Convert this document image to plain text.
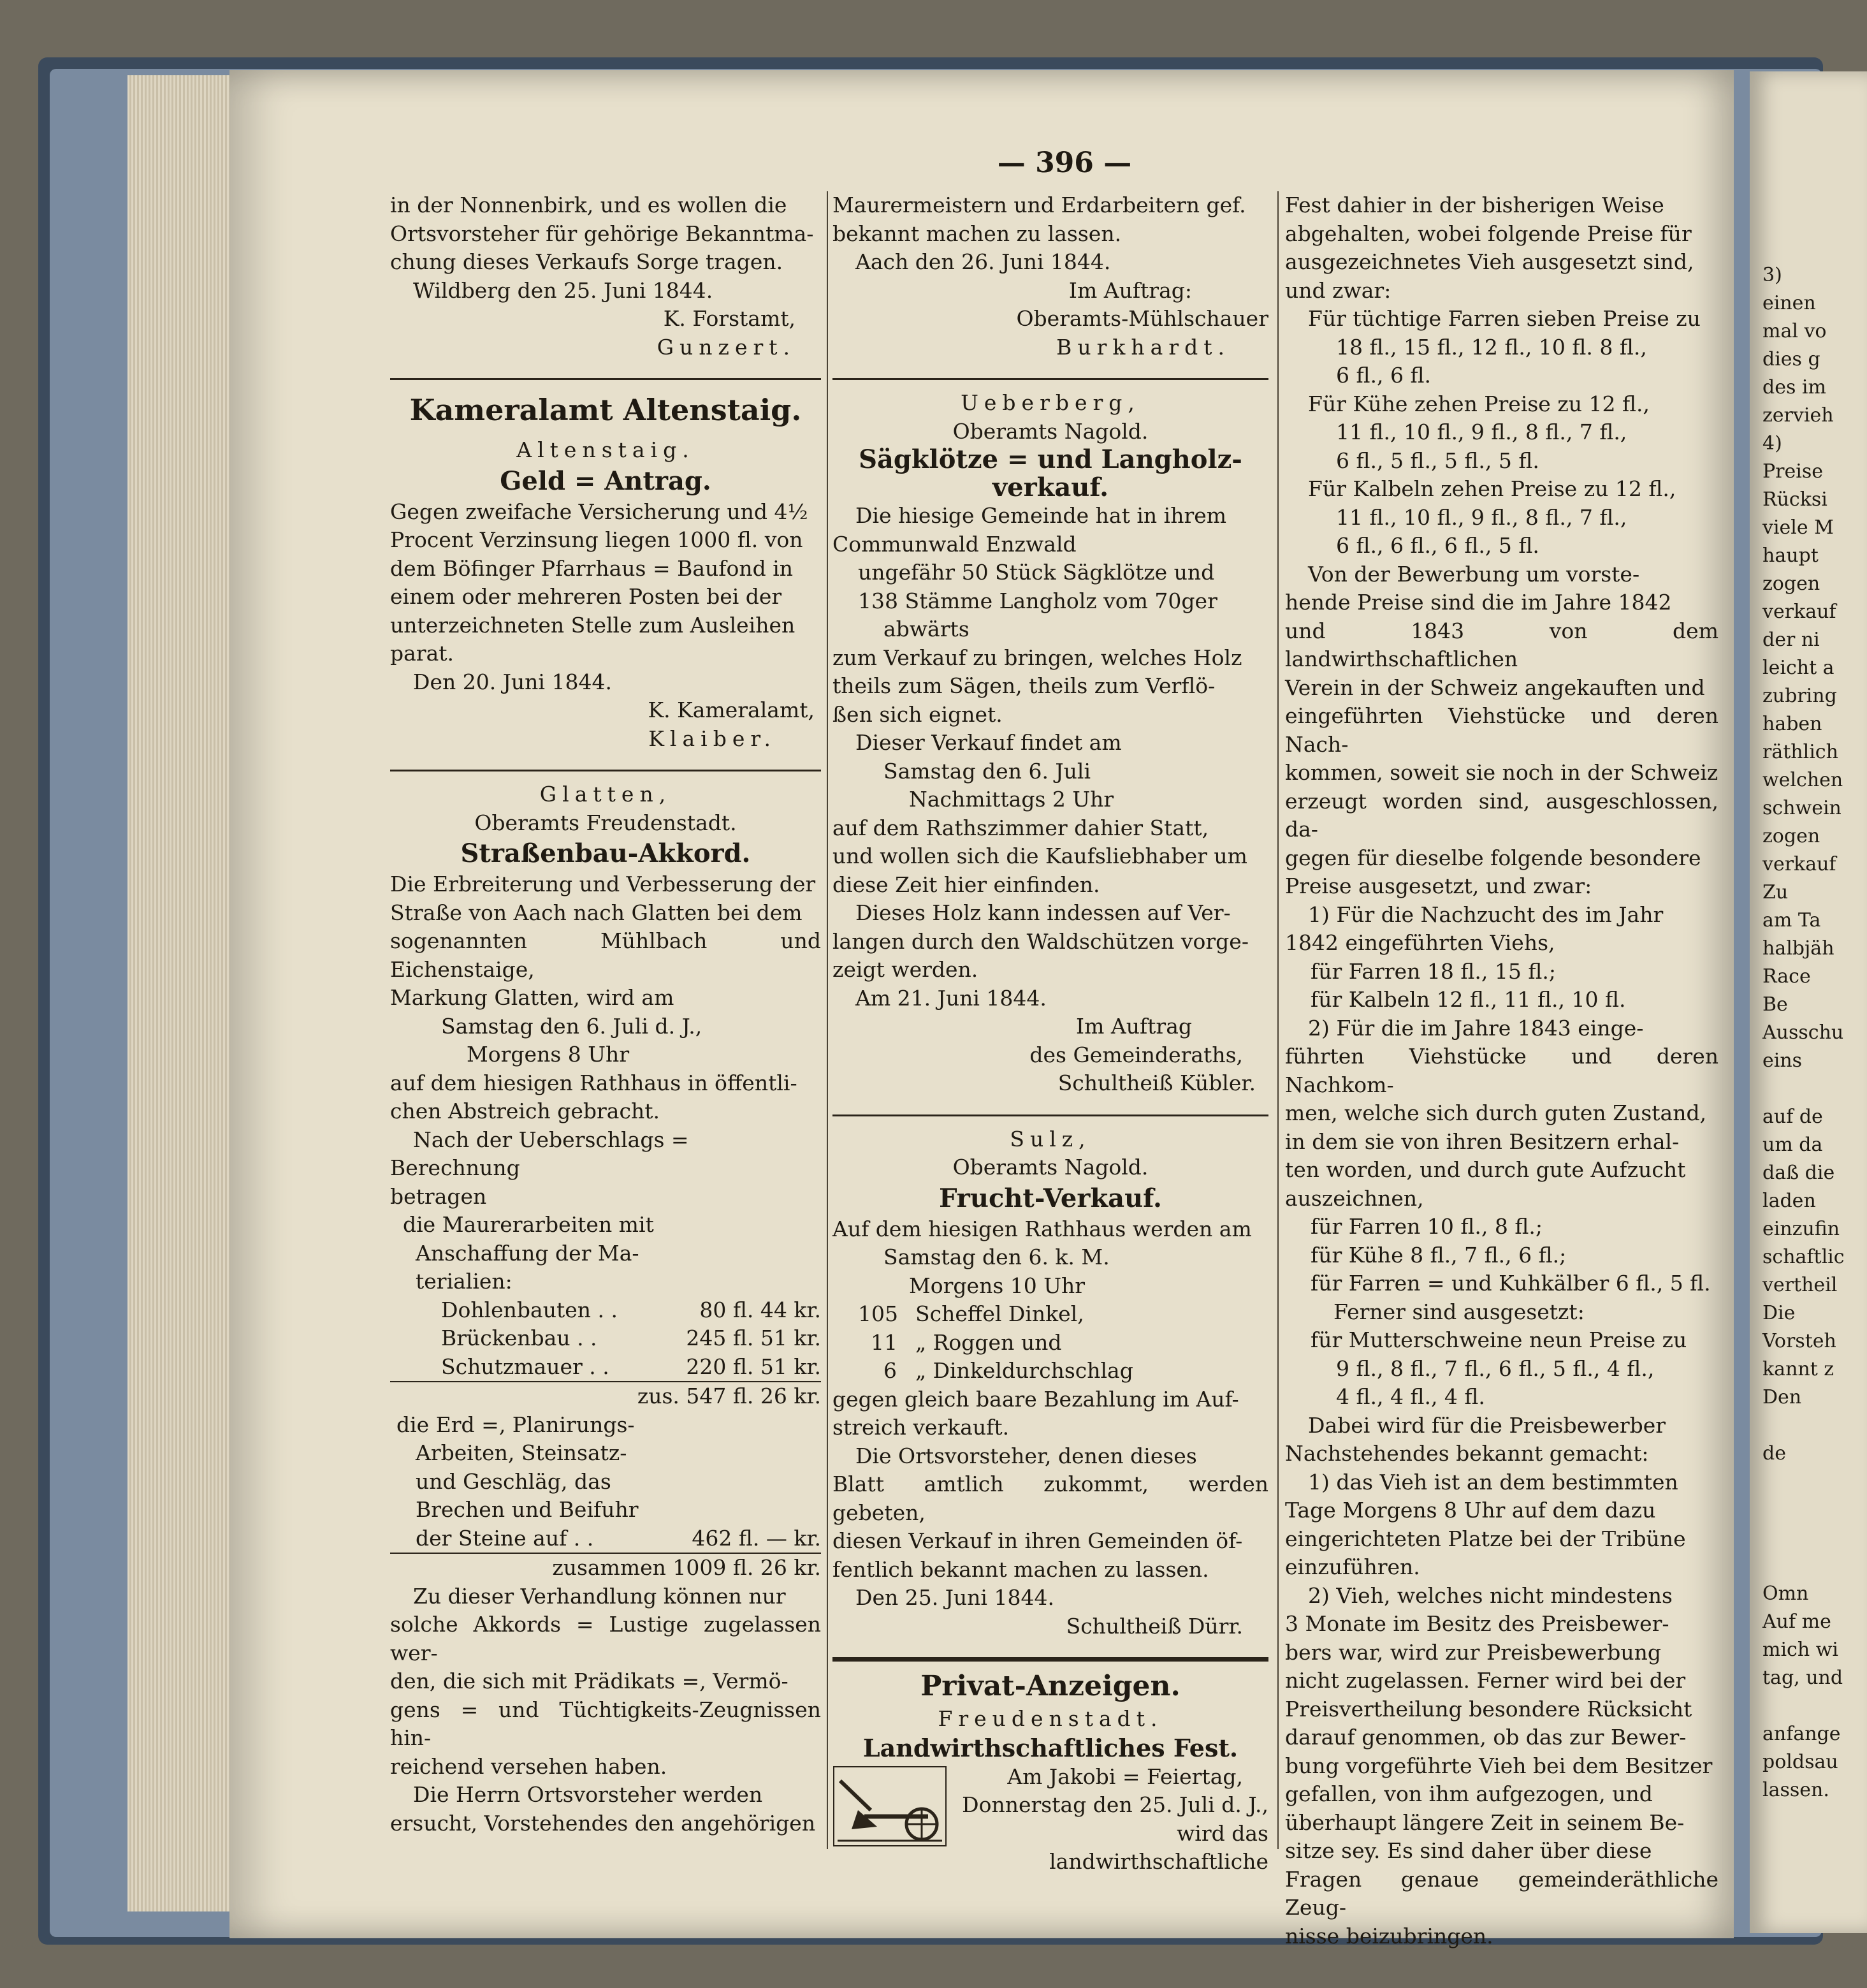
— 396 —

in der Nonnenbirk, und es wollen die

Ortsvorsteher für gehörige Bekanntma-

chung dieses Verkaufs Sorge tragen.

Wildberg den 25. Juni 1844.

K. Forstamt,

Gunzert.

Kameralamt Altenstaig.

Altenstaig.

Geld = Antrag.

Gegen zweifache Versicherung und 4½

Procent Verzinsung liegen 1000 fl. von

dem Böfinger Pfarrhaus = Baufond in

einem oder mehreren Posten bei der

unterzeichneten Stelle zum Ausleihen

parat.

Den 20. Juni 1844.

K. Kameralamt,

Klaiber.

Glatten,

Oberamts Freudenstadt.

Straßenbau-Akkord.

Die Erbreiterung und Verbesserung der

Straße von Aach nach Glatten bei dem

sogenannten Mühlbach und Eichenstaige,

Markung Glatten, wird am

Samstag den 6. Juli d. J.,

Morgens 8 Uhr

auf dem hiesigen Rathhaus in öffentli-

chen Abstreich gebracht.

Nach der Ueberschlags = Berechnung

betragen

die Maurerarbeiten mit

Anschaffung der Ma-

terialien:

Dohlenbauten . .	80 fl. 44 kr.
Brückenbau . .	245 fl. 51 kr.
Schutzmauer . .	220 fl. 51 kr.

zus. 547 fl. 26 kr.

die Erd =, Planirungs-

Arbeiten, Steinsatz-

und Geschläg, das

Brechen und Beifuhr

der Steine auf . .	462 fl. — kr.

zusammen 1009 fl. 26 kr.

Zu dieser Verhandlung können nur

solche Akkords = Lustige zugelassen wer-

den, die sich mit Prädikats =, Vermö-

gens = und Tüchtigkeits-Zeugnissen hin-

reichend versehen haben.

Die Herrn Ortsvorsteher werden

ersucht, Vorstehendes den angehörigen

Maurermeistern und Erdarbeitern gef.

bekannt machen zu lassen.

Aach den 26. Juni 1844.

Im Auftrag:

Oberamts-Mühlschauer

Burkhardt.

Ueberberg,

Oberamts Nagold.

Sägklötze = und Langholz-
verkauf.

Die hiesige Gemeinde hat in ihrem

Communwald Enzwald

ungefähr 50 Stück Sägklötze und

138 Stämme Langholz vom 70ger

abwärts

zum Verkauf zu bringen, welches Holz

theils zum Sägen, theils zum Verflö-

ßen sich eignet.

Dieser Verkauf findet am

Samstag den 6. Juli

Nachmittags 2 Uhr

auf dem Rathszimmer dahier Statt,

und wollen sich die Kaufsliebhaber um

diese Zeit hier einfinden.

Dieses Holz kann indessen auf Ver-

langen durch den Waldschützen vorge-

zeigt werden.

Am 21. Juni 1844.

Im Auftrag

des Gemeinderaths,

Schultheiß Kübler.

Sulz,

Oberamts Nagold.

Frucht-Verkauf.

Auf dem hiesigen Rathhaus werden am

Samstag den 6. k. M.

Morgens 10 Uhr

105 Scheffel Dinkel,
11 „ Roggen und
6 „ Dinkeldurchschlag

gegen gleich baare Bezahlung im Auf-

streich verkauft.

Die Ortsvorsteher, denen dieses

Blatt amtlich zukommt, werden gebeten,

diesen Verkauf in ihren Gemeinden öf-

fentlich bekannt machen zu lassen.

Den 25. Juni 1844.

Schultheiß Dürr.

Privat-Anzeigen.

Freudenstadt.

Landwirthschaftliches Fest.

Am Jakobi = Feiertag,

Donnerstag den 25. Juli d. J.,

wird das landwirthschaftliche

Fest dahier in der bisherigen Weise

abgehalten, wobei folgende Preise für

ausgezeichnetes Vieh ausgesetzt sind,

und zwar:

Für tüchtige Farren sieben Preise zu

18 fl., 15 fl., 12 fl., 10 fl. 8 fl.,

6 fl., 6 fl.

Für Kühe zehen Preise zu 12 fl.,

11 fl., 10 fl., 9 fl., 8 fl., 7 fl.,

6 fl., 5 fl., 5 fl., 5 fl.

Für Kalbeln zehen Preise zu 12 fl.,

11 fl., 10 fl., 9 fl., 8 fl., 7 fl.,

6 fl., 6 fl., 6 fl., 5 fl.

Von der Bewerbung um vorste-

hende Preise sind die im Jahre 1842

und 1843 von dem landwirthschaftlichen

Verein in der Schweiz angekauften und

eingeführten Viehstücke und deren Nach-

kommen, soweit sie noch in der Schweiz

erzeugt worden sind, ausgeschlossen, da-

gegen für dieselbe folgende besondere

Preise ausgesetzt, und zwar:

1) Für die Nachzucht des im Jahr

1842 eingeführten Viehs,

für Farren 18 fl., 15 fl.;

für Kalbeln 12 fl., 11 fl., 10 fl.

2) Für die im Jahre 1843 einge-

führten Viehstücke und deren Nachkom-

men, welche sich durch guten Zustand,

in dem sie von ihren Besitzern erhal-

ten worden, und durch gute Aufzucht

auszeichnen,

für Farren 10 fl., 8 fl.;

für Kühe 8 fl., 7 fl., 6 fl.;

für Farren = und Kuhkälber 6 fl., 5 fl.

Ferner sind ausgesetzt:

für Mutterschweine neun Preise zu

9 fl., 8 fl., 7 fl., 6 fl., 5 fl., 4 fl.,

4 fl., 4 fl., 4 fl.

Dabei wird für die Preisbewerber

Nachstehendes bekannt gemacht:

1) das Vieh ist an dem bestimmten

Tage Morgens 8 Uhr auf dem dazu

eingerichteten Platze bei der Tribüne

einzuführen.

2) Vieh, welches nicht mindestens

3 Monate im Besitz des Preisbewer-

bers war, wird zur Preisbewerbung

nicht zugelassen. Ferner wird bei der

Preisvertheilung besondere Rücksicht

darauf genommen, ob das zur Bewer-

bung vorgeführte Vieh bei dem Besitzer

gefallen, von ihm aufgezogen, und

überhaupt längere Zeit in seinem Be-

sitze sey. Es sind daher über diese

Fragen genaue gemeinderäthliche Zeug-

nisse beizubringen.

3)
einen
mal vo
dies g
des im
zervieh
4)
Preise
Rücksi
viele M
haupt
zogen
verkauf
der ni
leicht a
zubring
haben
räthlich
welchen
schwein
zogen
verkauf
Zu
am Ta
halbjäh
Race
Be
Ausschu
eins

auf de
um da
daß die
laden
einzufin
schaftlic
vertheil
Die
Vorsteh
kannt z
Den

de

Omn
Auf me
mich wi
tag, und

anfange
poldsau
lassen.
